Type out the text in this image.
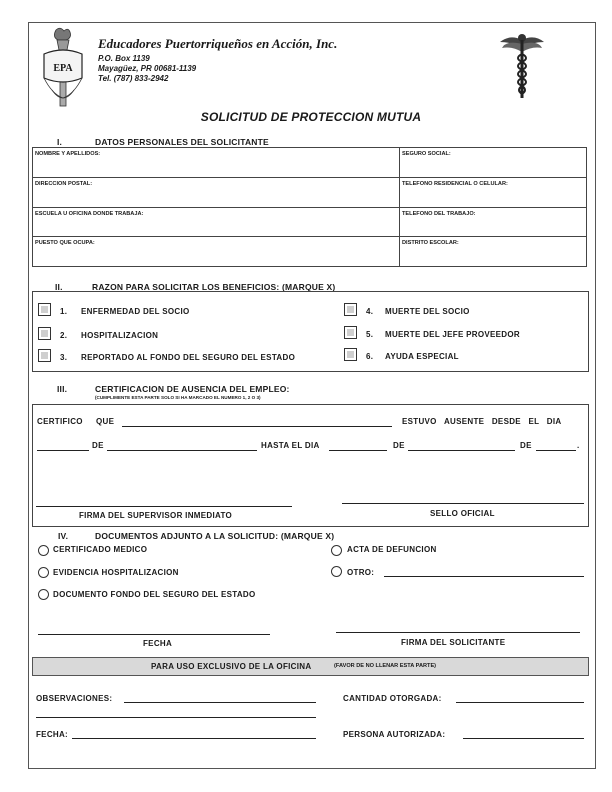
EPA
Educadores Puertorriqueños en Acción, Inc.
P.O. Box 1139
Mayagüez, PR 00681-1139
Tel. (787) 833-2942
SOLICITUD DE PROTECCION MUTUA
I.	DATOS PERSONALES DEL SOLICITANTE
NOMBRE Y APELLIDOS:	SEGURO SOCIAL:
DIRECCION POSTAL:	TELEFONO RESIDENCIAL O CELULAR:
ESCUELA U OFICINA DONDE TRABAJA:	TELEFONO DEL TRABAJO:
PUESTO QUE OCUPA:	DISTRITO ESCOLAR:
II.	RAZON PARA SOLICITAR LOS BENEFICIOS: (MARQUE X)
1. ENFERMEDAD DEL SOCIO
2. HOSPITALIZACION
3. REPORTADO AL FONDO DEL SEGURO DEL ESTADO
4. MUERTE DEL SOCIO
5. MUERTE DEL JEFE PROVEEDOR
6. AYUDA ESPECIAL
III.	CERTIFICACION DE AUSENCIA DEL EMPLEO:
(CUMPLIMENTE ESTA PARTE SOLO SI HA MARCADO EL NUMERO 1, 2 O 3)
CERTIFICO QUE	ESTUVO   AUSENTE   DESDE   EL   DIA
DE	HASTA EL DIA	DE	DE	.
FIRMA DEL SUPERVISOR INMEDIATO	SELLO OFICIAL
IV.	DOCUMENTOS ADJUNTO A LA SOLICITUD: (MARQUE X)
CERTIFICADO MEDICO
EVIDENCIA HOSPITALIZACION
DOCUMENTO FONDO DEL SEGURO DEL ESTADO
ACTA DE DEFUNCION
OTRO:
FECHA	FIRMA DEL SOLICITANTE
PARA USO EXCLUSIVO DE LA OFICINA	(FAVOR DE NO LLENAR ESTA PARTE)
OBSERVACIONES:	CANTIDAD OTORGADA:
FECHA:	PERSONA AUTORIZADA:
